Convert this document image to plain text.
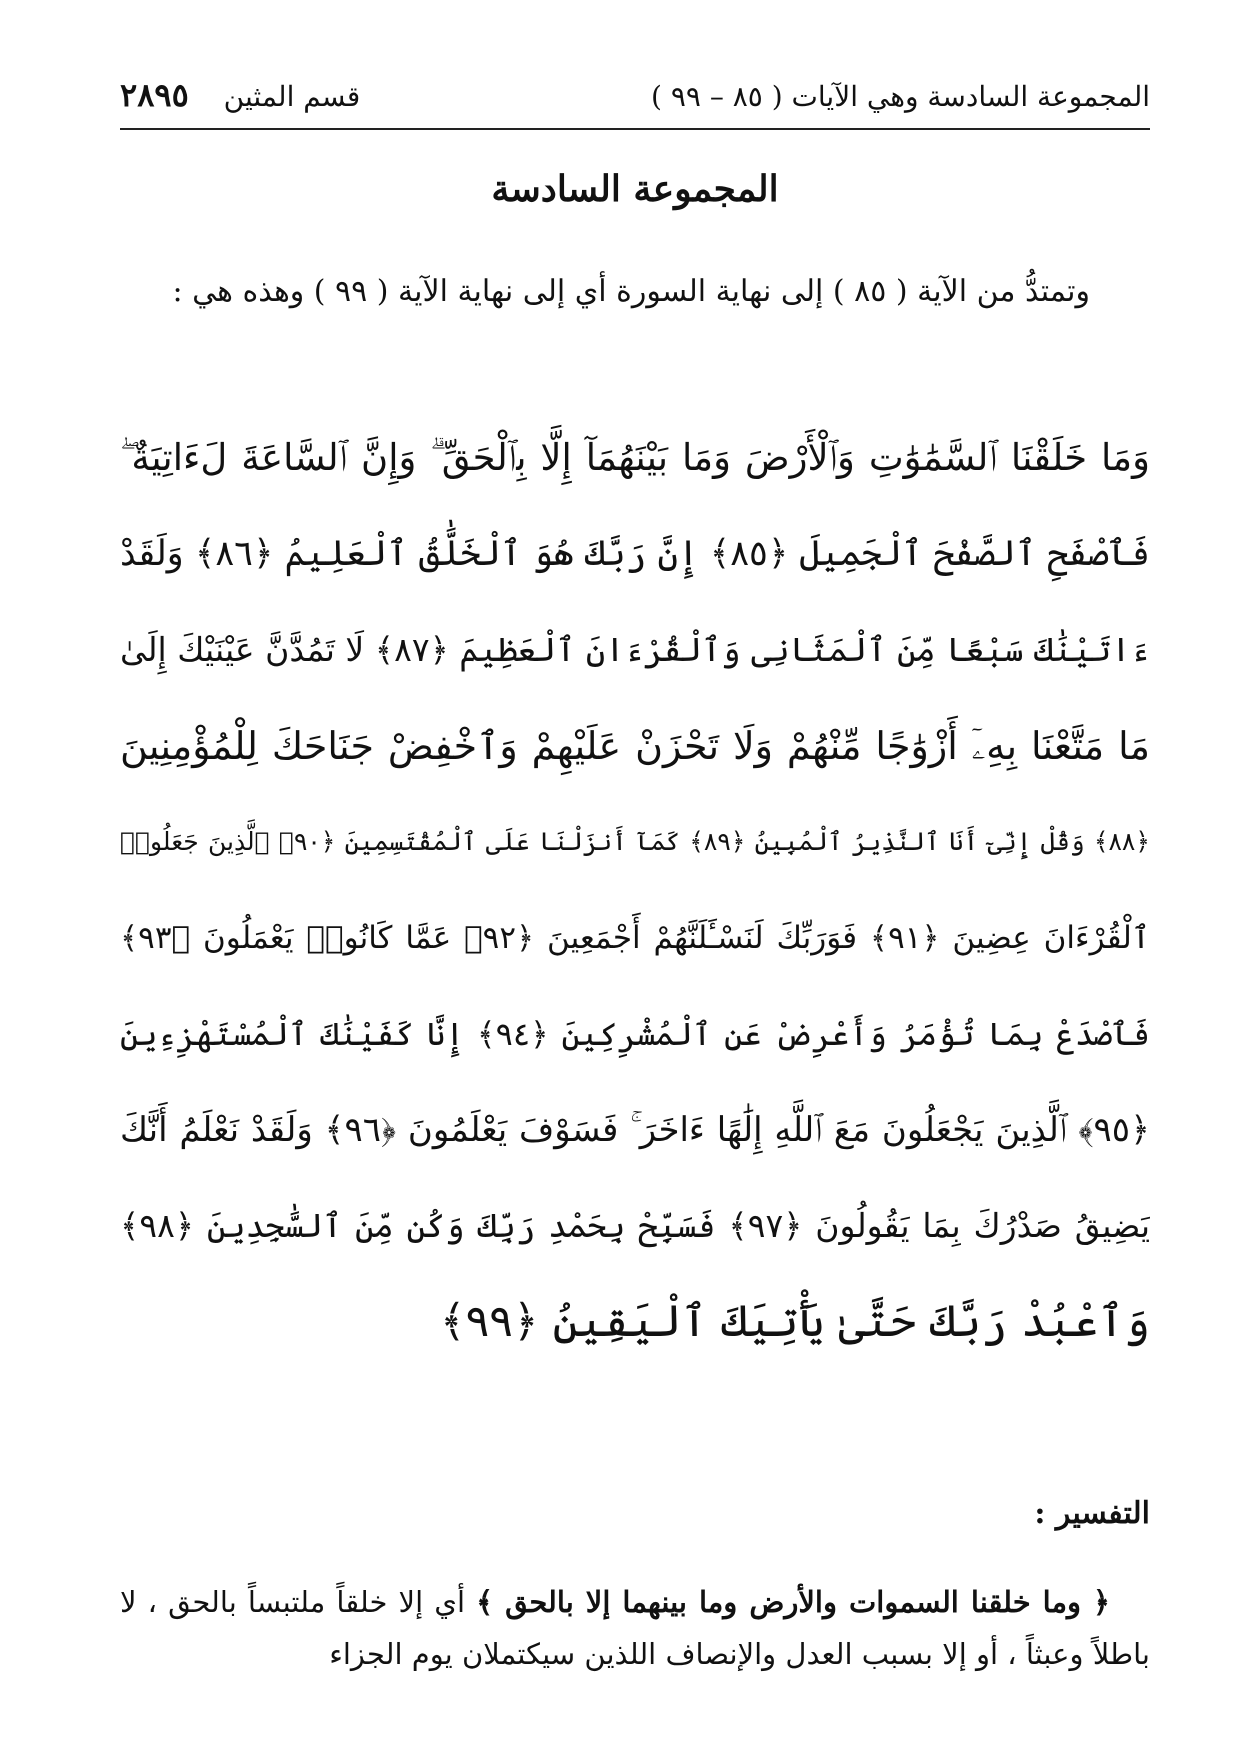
المجموعة السادسة وهي الآيات ( ٨٥ – ٩٩ )
قسم المثين ٢٨٩٥
المجموعة السادسة
وتمتدُّ من الآية ( ٨٥ ) إلى نهاية السورة أي إلى نهاية الآية ( ٩٩ ) وهذه هي :
وَمَا خَلَقْنَا ٱلسَّمَٰوَٰتِ وَٱلْأَرْضَ وَمَا بَيْنَهُمَآ إِلَّا بِٱلْحَقِّ ۗ وَإِنَّ ٱلسَّاعَةَ لَءَاتِيَةٌ ۖ
فَٱصْفَحِ ٱلصَّفْحَ ٱلْجَمِيلَ ﴿٨٥﴾ إِنَّ رَبَّكَ هُوَ ٱلْخَلَّٰقُ ٱلْعَلِيمُ ﴿٨٦﴾ وَلَقَدْ
ءَاتَيْنَٰكَ سَبْعًا مِّنَ ٱلْمَثَانِى وَٱلْقُرْءَانَ ٱلْعَظِيمَ ﴿٨٧﴾ لَا تَمُدَّنَّ عَيْنَيْكَ إِلَىٰ
مَا مَتَّعْنَا بِهِۦٓ أَزْوَٰجًا مِّنْهُمْ وَلَا تَحْزَنْ عَلَيْهِمْ وَٱخْفِضْ جَنَاحَكَ لِلْمُؤْمِنِينَ
﴿٨٨﴾ وَقُلْ إِنِّىٓ أَنَا ٱلنَّذِيرُ ٱلْمُبِينُ ﴿٨٩﴾ كَمَآ أَنزَلْنَا عَلَى ٱلْمُقْتَسِمِينَ ﴿٩٠﴾ ٱلَّذِينَ جَعَلُوا۟
ٱلْقُرْءَانَ عِضِينَ ﴿٩١﴾ فَوَرَبِّكَ لَنَسْـَٔلَنَّهُمْ أَجْمَعِينَ ﴿٩٢﴾ عَمَّا كَانُوا۟ يَعْمَلُونَ ﴿٩٣﴾
فَٱصْدَعْ بِمَا تُؤْمَرُ وَأَعْرِضْ عَنِ ٱلْمُشْرِكِينَ ﴿٩٤﴾ إِنَّا كَفَيْنَٰكَ ٱلْمُسْتَهْزِءِينَ
﴿٩٥﴾ ٱلَّذِينَ يَجْعَلُونَ مَعَ ٱللَّهِ إِلَٰهًا ءَاخَرَ ۚ فَسَوْفَ يَعْلَمُونَ ﴿٩٦﴾ وَلَقَدْ نَعْلَمُ أَنَّكَ
يَضِيقُ صَدْرُكَ بِمَا يَقُولُونَ ﴿٩٧﴾ فَسَبِّحْ بِحَمْدِ رَبِّكَ وَكُن مِّنَ ٱلسَّٰجِدِينَ ﴿٩٨﴾
وَٱعْبُدْ رَبَّكَ حَتَّىٰ يَأْتِيَكَ ٱلْيَقِينُ ﴿٩٩﴾
التفسير :
﴿ وما خلقنا السموات والأرض وما بينهما إلا بالحق ﴾ أي إلا خلقاً ملتبساً بالحق ، لا باطلاً وعبثاً ، أو إلا بسبب العدل والإنصاف اللذين سيكتملان يوم الجزاء
